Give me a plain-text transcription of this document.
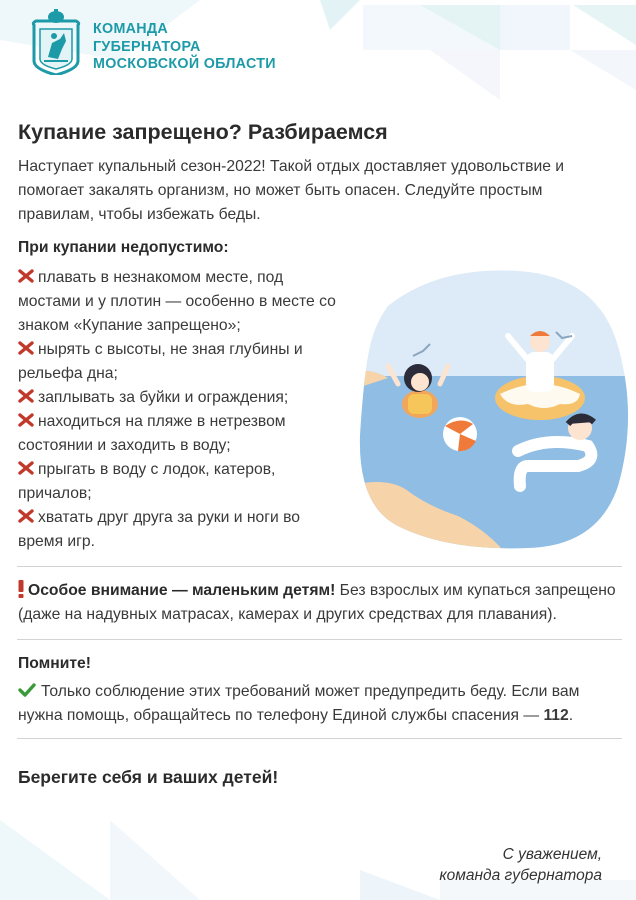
КОМАНДА
ГУБЕРНАТОРА
МОСКОВСКОЙ ОБЛАСТИ
Купание запрещено? Разбираемся
Наступает купальный сезон-2022! Такой отдых доставляет удовольствие и помогает закалять организм, но может быть опасен. Следуйте простым правилам, чтобы избежать беды.
При купании недопустимо:
плавать в незнакомом месте, под мостами и у плотин — особенно в месте со знаком «Купание запрещено»;
нырять с высоты, не зная глубины и рельефа дна;
заплывать за буйки и ограждения;
находиться на пляже в нетрезвом состоянии и заходить в воду;
прыгать в воду с лодок, катеров, причалов;
хватать друг друга за руки и ноги во время игр.
Особое внимание — маленьким детям! Без взрослых им купаться запрещено (даже на надувных матрасах, камерах и других средствах для плавания).
Помните!
Только соблюдение этих требований может предупредить беду. Если вам нужна помощь, обращайтесь по телефону Единой службы спасения — 112.
Берегите себя и ваших детей!
С уважением,
команда губернатора
